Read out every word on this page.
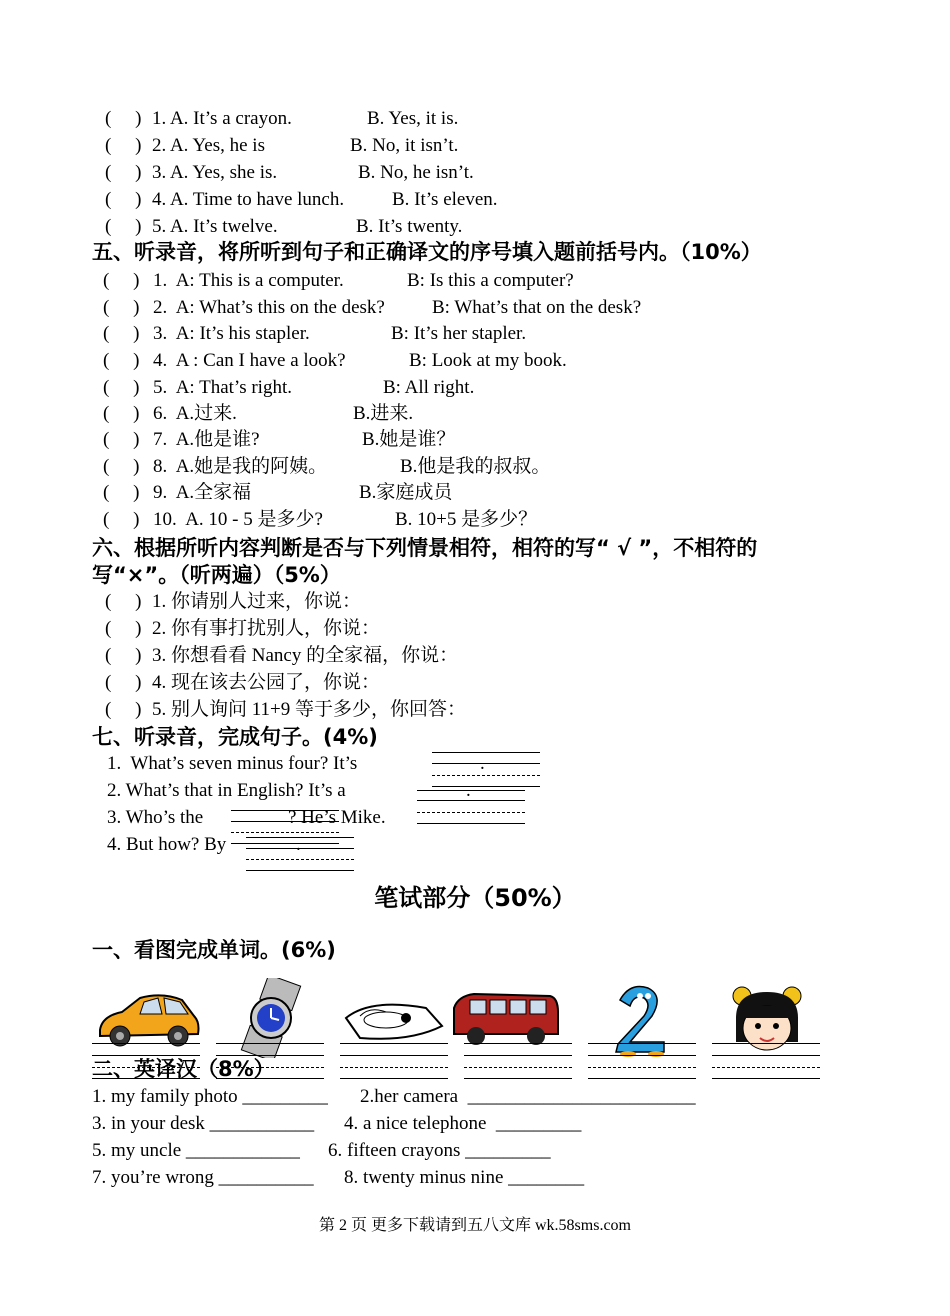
(     ) 1. A. It’s a crayon.	B. Yes, it is.
(     ) 2. A. Yes, he is	B. No, it isn’t.
(     ) 3. A. Yes, she is.	B. No, he isn’t.
(     ) 4. A. Time to have lunch.	B. It’s eleven.
(     ) 5. A. It’s twelve.	B. It’s twenty.
五、听录音，将所听到句子和正确译文的序号填入题前括号内。（10%）
(     ) 1.  A: This is a computer.	B: Is this a computer?
(     ) 2.  A: What’s this on the desk? B: What’s that on the desk?
(     ) 3.  A: It’s his stapler.	B: It’s her stapler.
(     ) 4.  A : Can I have a look?	B: Look at my book.
(     ) 5.  A: That’s right.	B: All right.
(     ) 6.  A.过来.	B.进来.
(     ) 7.  A.他是谁?	B.她是谁？
(     ) 8.  A.她是我的阿姨。	B.他是我的叔叔。
(     ) 9.  A.全家福	B.家庭成员
(     ) 10.  A. 10 - 5 是多少?	B. 10+5 是多少？
六、根据所听内容判断是否与下列情景相符，相符的写“ √ ”，不相符的
写“×”。（听两遍）（5%）
(     ) 1. 你请别人过来，你说：
(     ) 2. 你有事打扰别人，你说：
(     ) 3. 你想看看 Nancy 的全家福，你说：
(     ) 4. 现在该去公园了，你说：
(     ) 5. 别人询问 11+9 等于多少，你回答：
七、听录音，完成句子。(4%)
1.  What’s seven minus four? It’s	.
2. What’s that in English? It’s a	.
3. Who’s the	? He’s Mike.
4. But how? By	.
笔试部分（50%）
一、看图完成单词。(6%)
二、英译汉（8%）
1. my family photo _________ 2.her camera  ________________________
3. in your desk ___________ 4. a nice telephone  _________
5. my uncle ____________ 6. fifteen crayons _________
7. you’re wrong __________ 8. twenty minus nine ________
第 2 页 更多下载请到五八文库 wk.58sms.com
